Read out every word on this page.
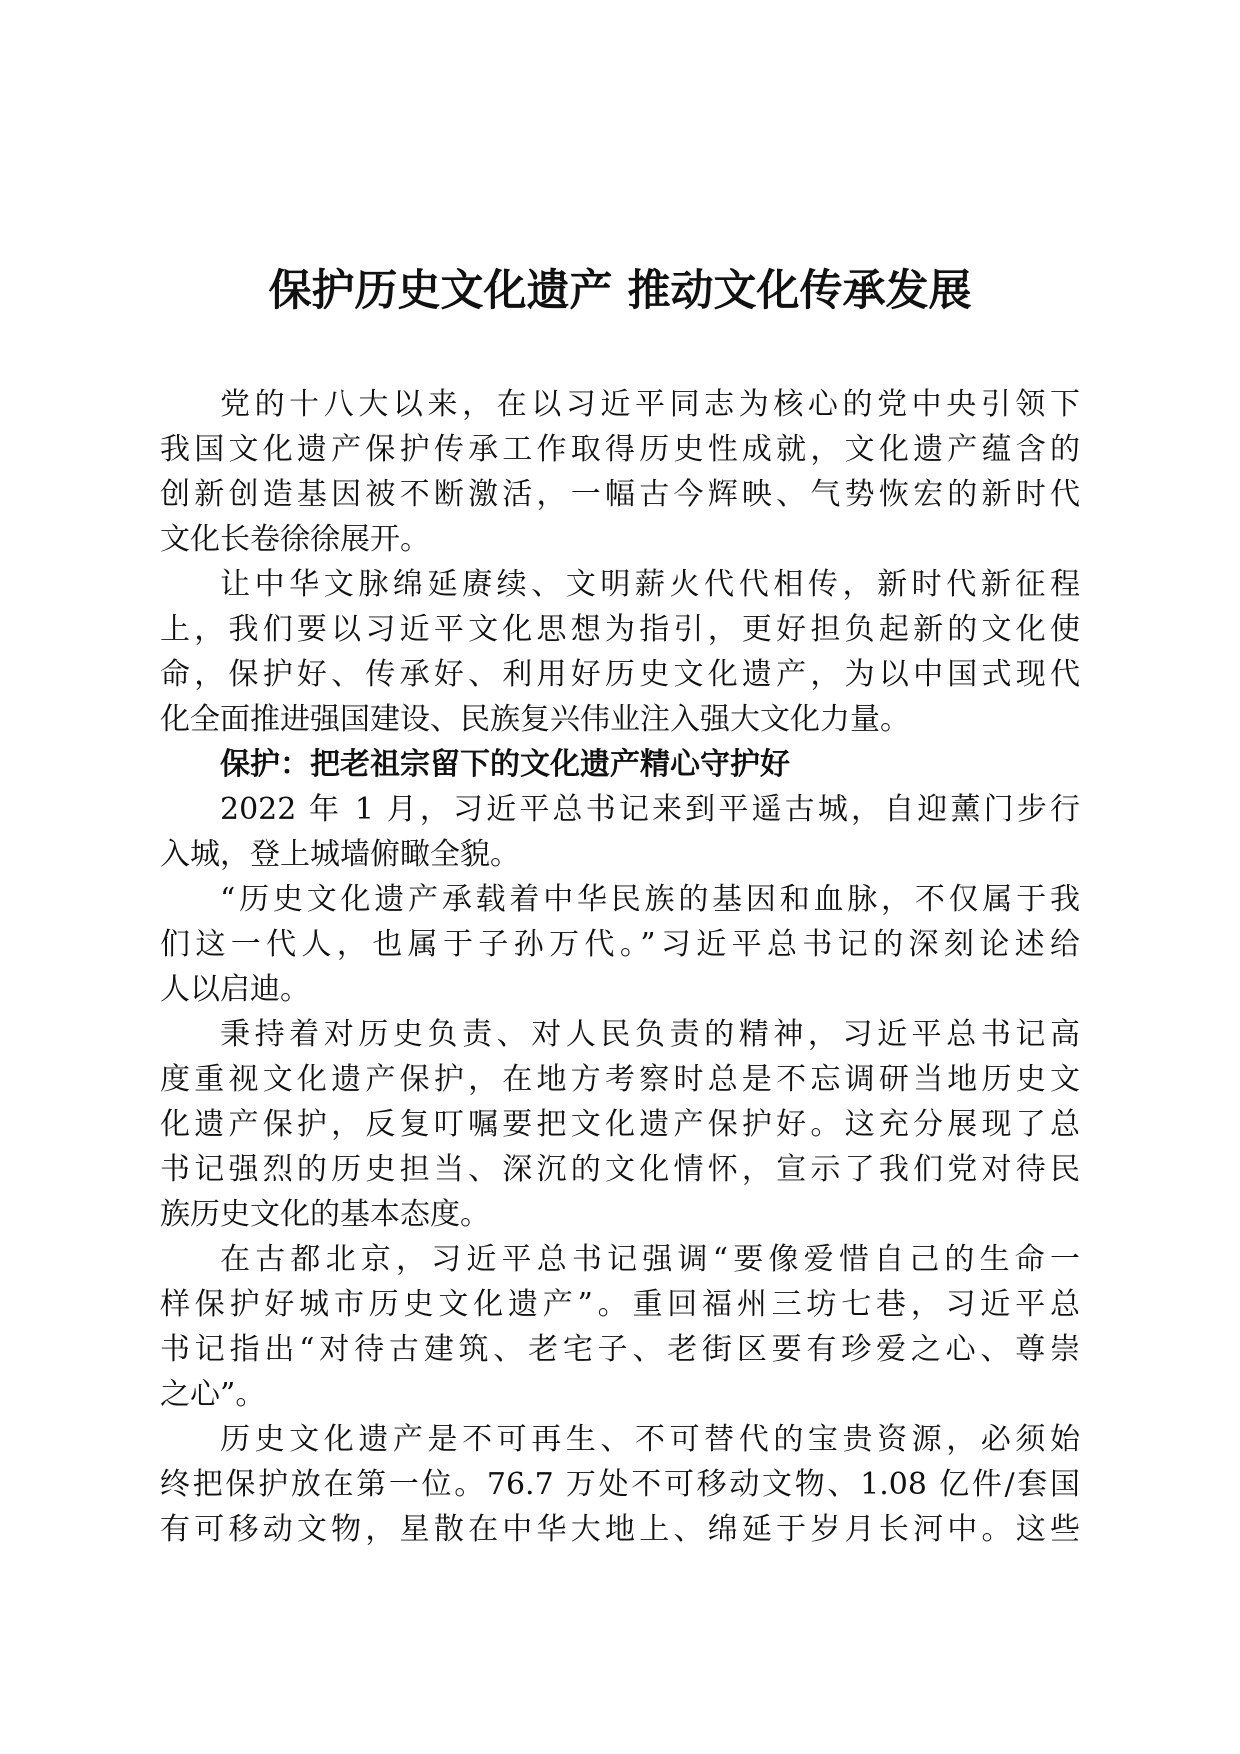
保护历史文化遗产 推动文化传承发展
党的十八大以来，在以习近平同志为核心的党中央引领下
我国文化遗产保护传承工作取得历史性成就，文化遗产蕴含的
创新创造基因被不断激活，一幅古今辉映、气势恢宏的新时代
文化长卷徐徐展开。
让中华文脉绵延赓续、文明薪火代代相传，新时代新征程
上，我们要以习近平文化思想为指引，更好担负起新的文化使
命，保护好、传承好、利用好历史文化遗产，为以中国式现代
化全面推进强国建设、民族复兴伟业注入强大文化力量。
保护：把老祖宗留下的文化遗产精心守护好
2022 年 1 月，习近平总书记来到平遥古城，自迎薰门步行
入城，登上城墙俯瞰全貌。
“历史文化遗产承载着中华民族的基因和血脉，不仅属于我
们这一代人，也属于子孙万代。”习近平总书记的深刻论述给
人以启迪。
秉持着对历史负责、对人民负责的精神，习近平总书记高
度重视文化遗产保护，在地方考察时总是不忘调研当地历史文
化遗产保护，反复叮嘱要把文化遗产保护好。这充分展现了总
书记强烈的历史担当、深沉的文化情怀，宣示了我们党对待民
族历史文化的基本态度。
在古都北京，习近平总书记强调“要像爱惜自己的生命一
样保护好城市历史文化遗产”。重回福州三坊七巷，习近平总
书记指出“对待古建筑、老宅子、老街区要有珍爱之心、尊崇
之心”。
历史文化遗产是不可再生、不可替代的宝贵资源，必须始
终把保护放在第一位。76.7 万处不可移动文物、1.08 亿件/套国
有可移动文物，星散在中华大地上、绵延于岁月长河中。这些
